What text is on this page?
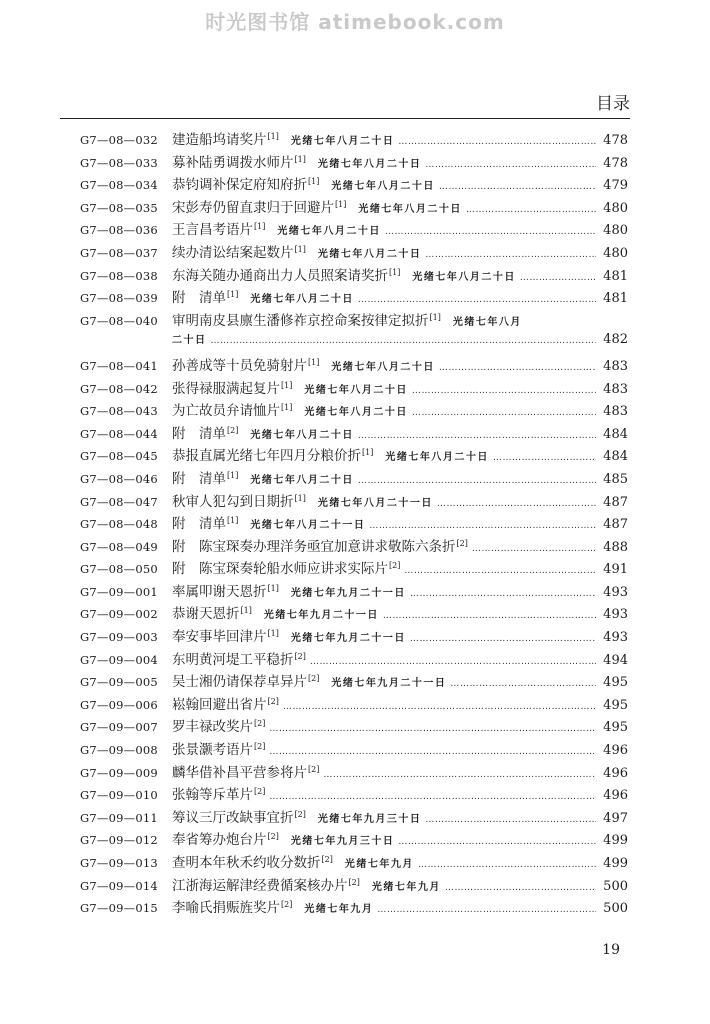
时光图书馆 atimebook.com
目录
G7—08—032	建造船坞请奖片[1] 光绪七年八月二十日 ………………………………………………………………………………………………………………	478
G7—08—033	募补陆勇调拨水师片[1] 光绪七年八月二十日 ………………………………………………………………………………………………………………	478
G7—08—034	恭钧调补保定府知府折[1] 光绪七年八月二十日 ………………………………………………………………………………………………………………	479
G7—08—035	宋彭寿仍留直隶归于回避片[1] 光绪七年八月二十日 ………………………………………………………………………………………………………………	480
G7—08—036	王言昌考语片[1] 光绪七年八月二十日 ………………………………………………………………………………………………………………	480
G7—08—037	续办清讼结案起数片[1] 光绪七年八月二十日 ………………………………………………………………………………………………………………	480
G7—08—038	东海关随办通商出力人员照案请奖折[1] 光绪七年八月二十日 ………………………………………………………………………………………………………………	481
G7—08—039	附　清单[1] 光绪七年八月二十日 ………………………………………………………………………………………………………………	481
G7—08—040	审明南皮县廪生潘修祚京控命案按律定拟折[1] 光绪七年八月
二十日 ………………………………………………………………………………………………………………	482
G7—08—041	孙善成等十员免骑射片[1] 光绪七年八月二十日 ………………………………………………………………………………………………………………	483
G7—08—042	张得禄服满起复片[1] 光绪七年八月二十日 ………………………………………………………………………………………………………………	483
G7—08—043	为亡故员弁请恤片[1] 光绪七年八月二十日 ………………………………………………………………………………………………………………	483
G7—08—044	附　清单[2] 光绪七年八月二十日 ………………………………………………………………………………………………………………	484
G7—08—045	恭报直属光绪七年四月分粮价折[1] 光绪七年八月二十日 ………………………………………………………………………………………………………………	484
G7—08—046	附　清单[1] 光绪七年八月二十日 ………………………………………………………………………………………………………………	485
G7—08—047	秋审人犯勾到日期折[1] 光绪七年八月二十一日 ………………………………………………………………………………………………………………	487
G7—08—048	附　清单[1] 光绪七年八月二十一日 ………………………………………………………………………………………………………………	487
G7—08—049	附　陈宝琛奏办理洋务亟宜加意讲求敬陈六条折[2] ………………………………………………………………………………………………………………	488
G7—08—050	附　陈宝琛奏轮船水师应讲求实际片[2] ………………………………………………………………………………………………………………	491
G7—09—001	率属叩谢天恩折[1] 光绪七年九月二十一日 ………………………………………………………………………………………………………………	493
G7—09—002	恭谢天恩折[1] 光绪七年九月二十一日 ………………………………………………………………………………………………………………	493
G7—09—003	奉安事毕回津片[1] 光绪七年九月二十一日 ………………………………………………………………………………………………………………	493
G7—09—004	东明黄河堤工平稳折[2] ………………………………………………………………………………………………………………	494
G7—09—005	吴士湘仍请保荐卓异片[2] 光绪七年九月二十一日 ………………………………………………………………………………………………………………	495
G7—09—006	崧翰回避出省片[2] ………………………………………………………………………………………………………………	495
G7—09—007	罗丰禄改奖片[2] ………………………………………………………………………………………………………………	495
G7—09—008	张景灏考语片[2] ………………………………………………………………………………………………………………	496
G7—09—009	麟华借补昌平营参将片[2] ………………………………………………………………………………………………………………	496
G7—09—010	张翰等斥革片[2] ………………………………………………………………………………………………………………	496
G7—09—011	筹议三厅改缺事宜折[2] 光绪七年九月三十日 ………………………………………………………………………………………………………………	497
G7—09—012	奉省筹办炮台片[2] 光绪七年九月三十日 ………………………………………………………………………………………………………………	499
G7—09—013	查明本年秋禾约收分数折[2] 光绪七年九月 ………………………………………………………………………………………………………………	499
G7—09—014	江浙海运解津经费循案核办片[2] 光绪七年九月 ………………………………………………………………………………………………………………	500
G7—09—015	李喻氏捐赈旌奖片[2] 光绪七年九月 ………………………………………………………………………………………………………………	500
19
